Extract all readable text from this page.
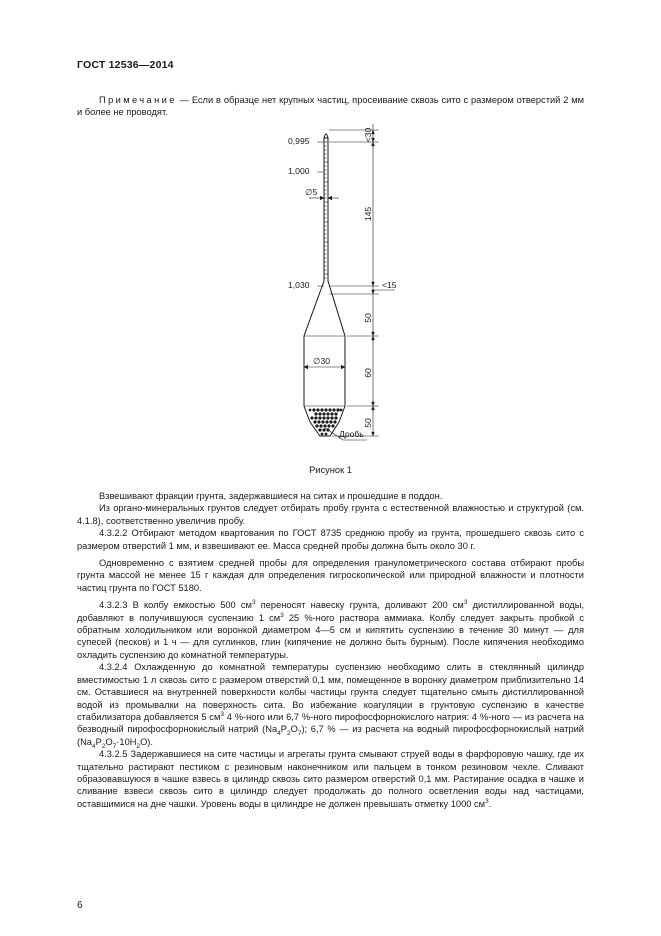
ГОСТ 12536—2014

Примечание — Если в образце нет крупных частиц, просеивание сквозь сито с размером отверстий 2 мм и более не проводят.

0,995
1,000
1,030
∅5
∅30
Дробь
<15
<30
145
50
60
50
Рисунок 1

Взвешивают фракции грунта, задержавшиеся на ситах и прошедшие в поддон.

Из органо-минеральных грунтов следует отбирать пробу грунта с естественной влажностью и структурой (см. 4.1.8), соответственно увеличив пробу.

4.3.2.2 Отбирают методом квартования по ГОСТ 8735 среднюю пробу из грунта, прошедшего сквозь сито с размером отверстий 1 мм, и взвешивают ее. Масса средней пробы должна быть около 30 г.

Одновременно с взятием средней пробы для определения гранулометрического состава отбирают пробы грунта массой не менее 15 г каждая для определения гигроскопической или природной влажности и плотности частиц грунта по ГОСТ 5180.

4.3.2.3 В колбу емкостью 500 $см^3$ переносят навеску грунта, доливают 200 $см^3$ дистиллированной воды, добавляют в получившуюся суспензию 1 $см^3$ 25 %-ного раствора аммиака. Колбу следует закрыть пробкой с обратным холодильником или воронкой диаметром 4—5 см и кипятить суспензию в течение 30 минут — для супесей (песков) и 1 ч — для суглинков, глин (кипячение не должно быть бурным). После кипячения необходимо охладить суспензию до комнатной температуры.

4.3.2.4 Охлажденную до комнатной температуры суспензию необходимо слить в стеклянный цилиндр вместимостью 1 л сквозь сито с размером отверстий 0,1 мм, помещенное в воронку диаметром приблизительно 14 см. Оставшиеся на внутренней поверхности колбы частицы грунта следует тщательно смыть дистиллированной водой из промывалки на поверхность сита. Во избежание коагуляции в грунтовую суспензию в качестве стабилизатора добавляется 5 $см^3$ 4 %-ного или 6,7 %-ного пирофосфорнокислого натрия: 4 %-ного — из расчета на безводный пирофосфорнокислый натрий $(Na_4P_2O_7)$; 6,7 % — из расчета на водный пирофосфорнокислый натрий $(Na_4P_2O_7\cdot 10H_2O)$.

4.3.2.5 Задержавшиеся на сите частицы и агрегаты грунта смывают струей воды в фарфоровую чашку, где их тщательно растирают пестиком с резиновым наконечником или пальцем в тонком резиновом чехле. Сливают образовавшуюся в чашке взвесь в цилиндр сквозь сито размером отверстий 0,1 мм. Растирание осадка в чашке и сливание взвеси сквозь сито в цилиндр следует продолжать до полного осветления воды над частицами, оставшимися на дне чашки. Уровень воды в цилиндре не должен превышать отметку 1000 $см^3$.

6
